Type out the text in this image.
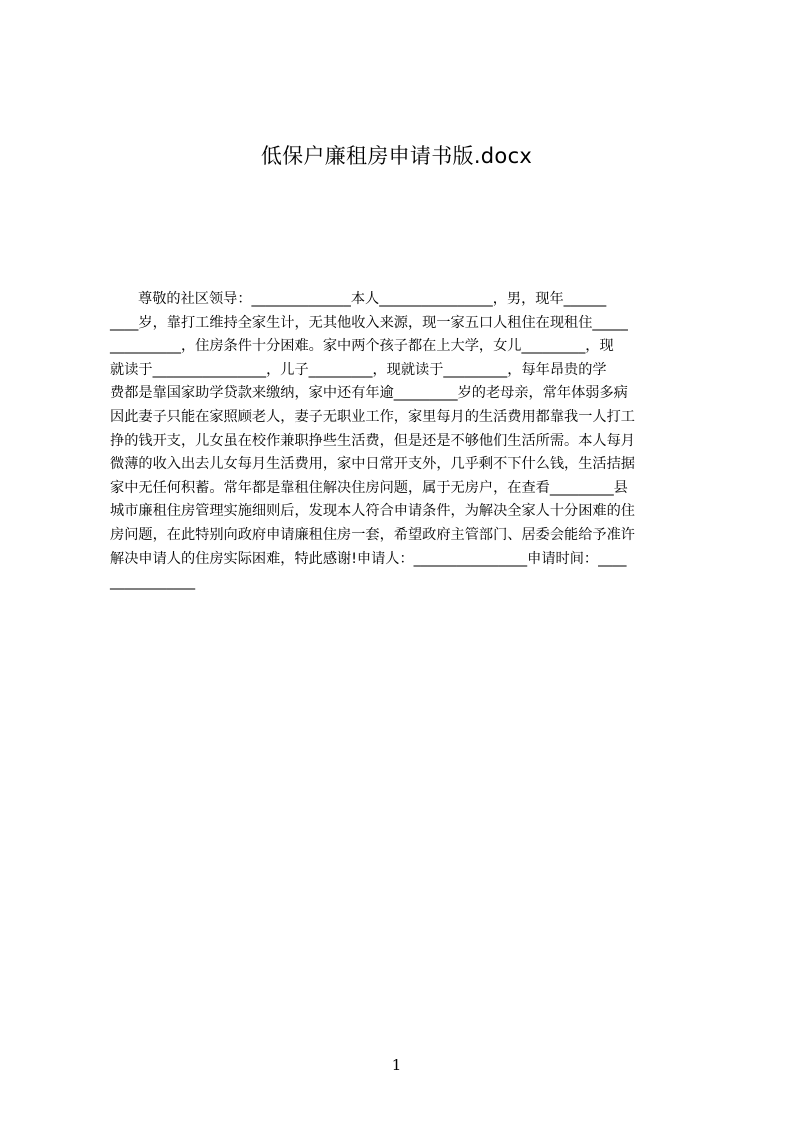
低保户廉租房申请书版.docx
尊敬的社区领导：______________本人________________，男，现年______
____岁，靠打工维持全家生计，无其他收入来源，现一家五口人租住在现租住_____
__________，住房条件十分困难。家中两个孩子都在上大学，女儿_________，现
就读于________________，儿子_________，现就读于_________，每年昂贵的学
费都是靠国家助学贷款来缴纳，家中还有年逾_________岁的老母亲，常年体弱多病
因此妻子只能在家照顾老人，妻子无职业工作，家里每月的生活费用都靠我一人打工
挣的钱开支，儿女虽在校作兼职挣些生活费，但是还是不够他们生活所需。本人每月
微薄的收入出去儿女每月生活费用，家中日常开支外，几乎剩不下什么钱，生活拮据
家中无任何积蓄。常年都是靠租住解决住房问题，属于无房户，在查看_________县
城市廉租住房管理实施细则后，发现本人符合申请条件，为解决全家人十分困难的住
房问题，在此特别向政府申请廉租住房一套，希望政府主管部门、居委会能给予准许
解决申请人的住房实际困难，特此感谢!申请人：________________申请时间：____
____________
1
